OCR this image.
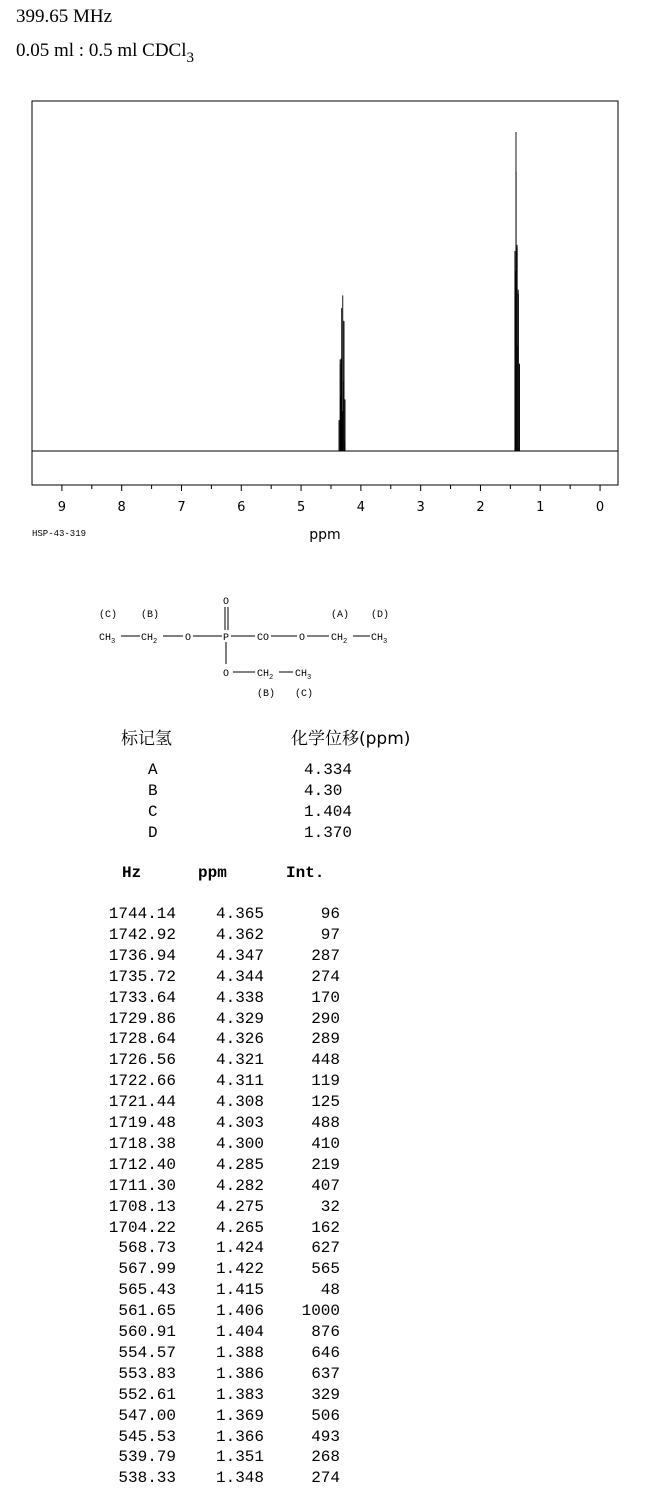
399.65 MHz
0.05 ml : 0.5 ml CDCl$_3$
9	8	7	6	5	4	3	2	1	0
ppm
HSP-43-319
(C) (B)	(A) (D)
O
$CH_3$	$CH_2$	O	P	CO	O	$CH_2$ $CH_3$
O	$CH_2$ $CH_3$
(B) (C)
标记氢	化学位移(ppm)
A	4.334
B	4.30
C	1.404
D	1.370
Hz	ppm	Int.
1744.14	4.365	96
1742.92	4.362	97
1736.94	4.347	287
1735.72	4.344	274
1733.64	4.338	170
1729.86	4.329	290
1728.64	4.326	289
1726.56	4.321	448
1722.66	4.311	119
1721.44	4.308	125
1719.48	4.303	488
1718.38	4.300	410
1712.40	4.285	219
1711.30	4.282	407
1708.13	4.275	32
1704.22	4.265	162
568.73	1.424	627
567.99	1.422	565
565.43	1.415	48
561.65	1.406	1000
560.91	1.404	876
554.57	1.388	646
553.83	1.386	637
552.61	1.383	329
547.00	1.369	506
545.53	1.366	493
539.79	1.351	268
538.33	1.348	274
